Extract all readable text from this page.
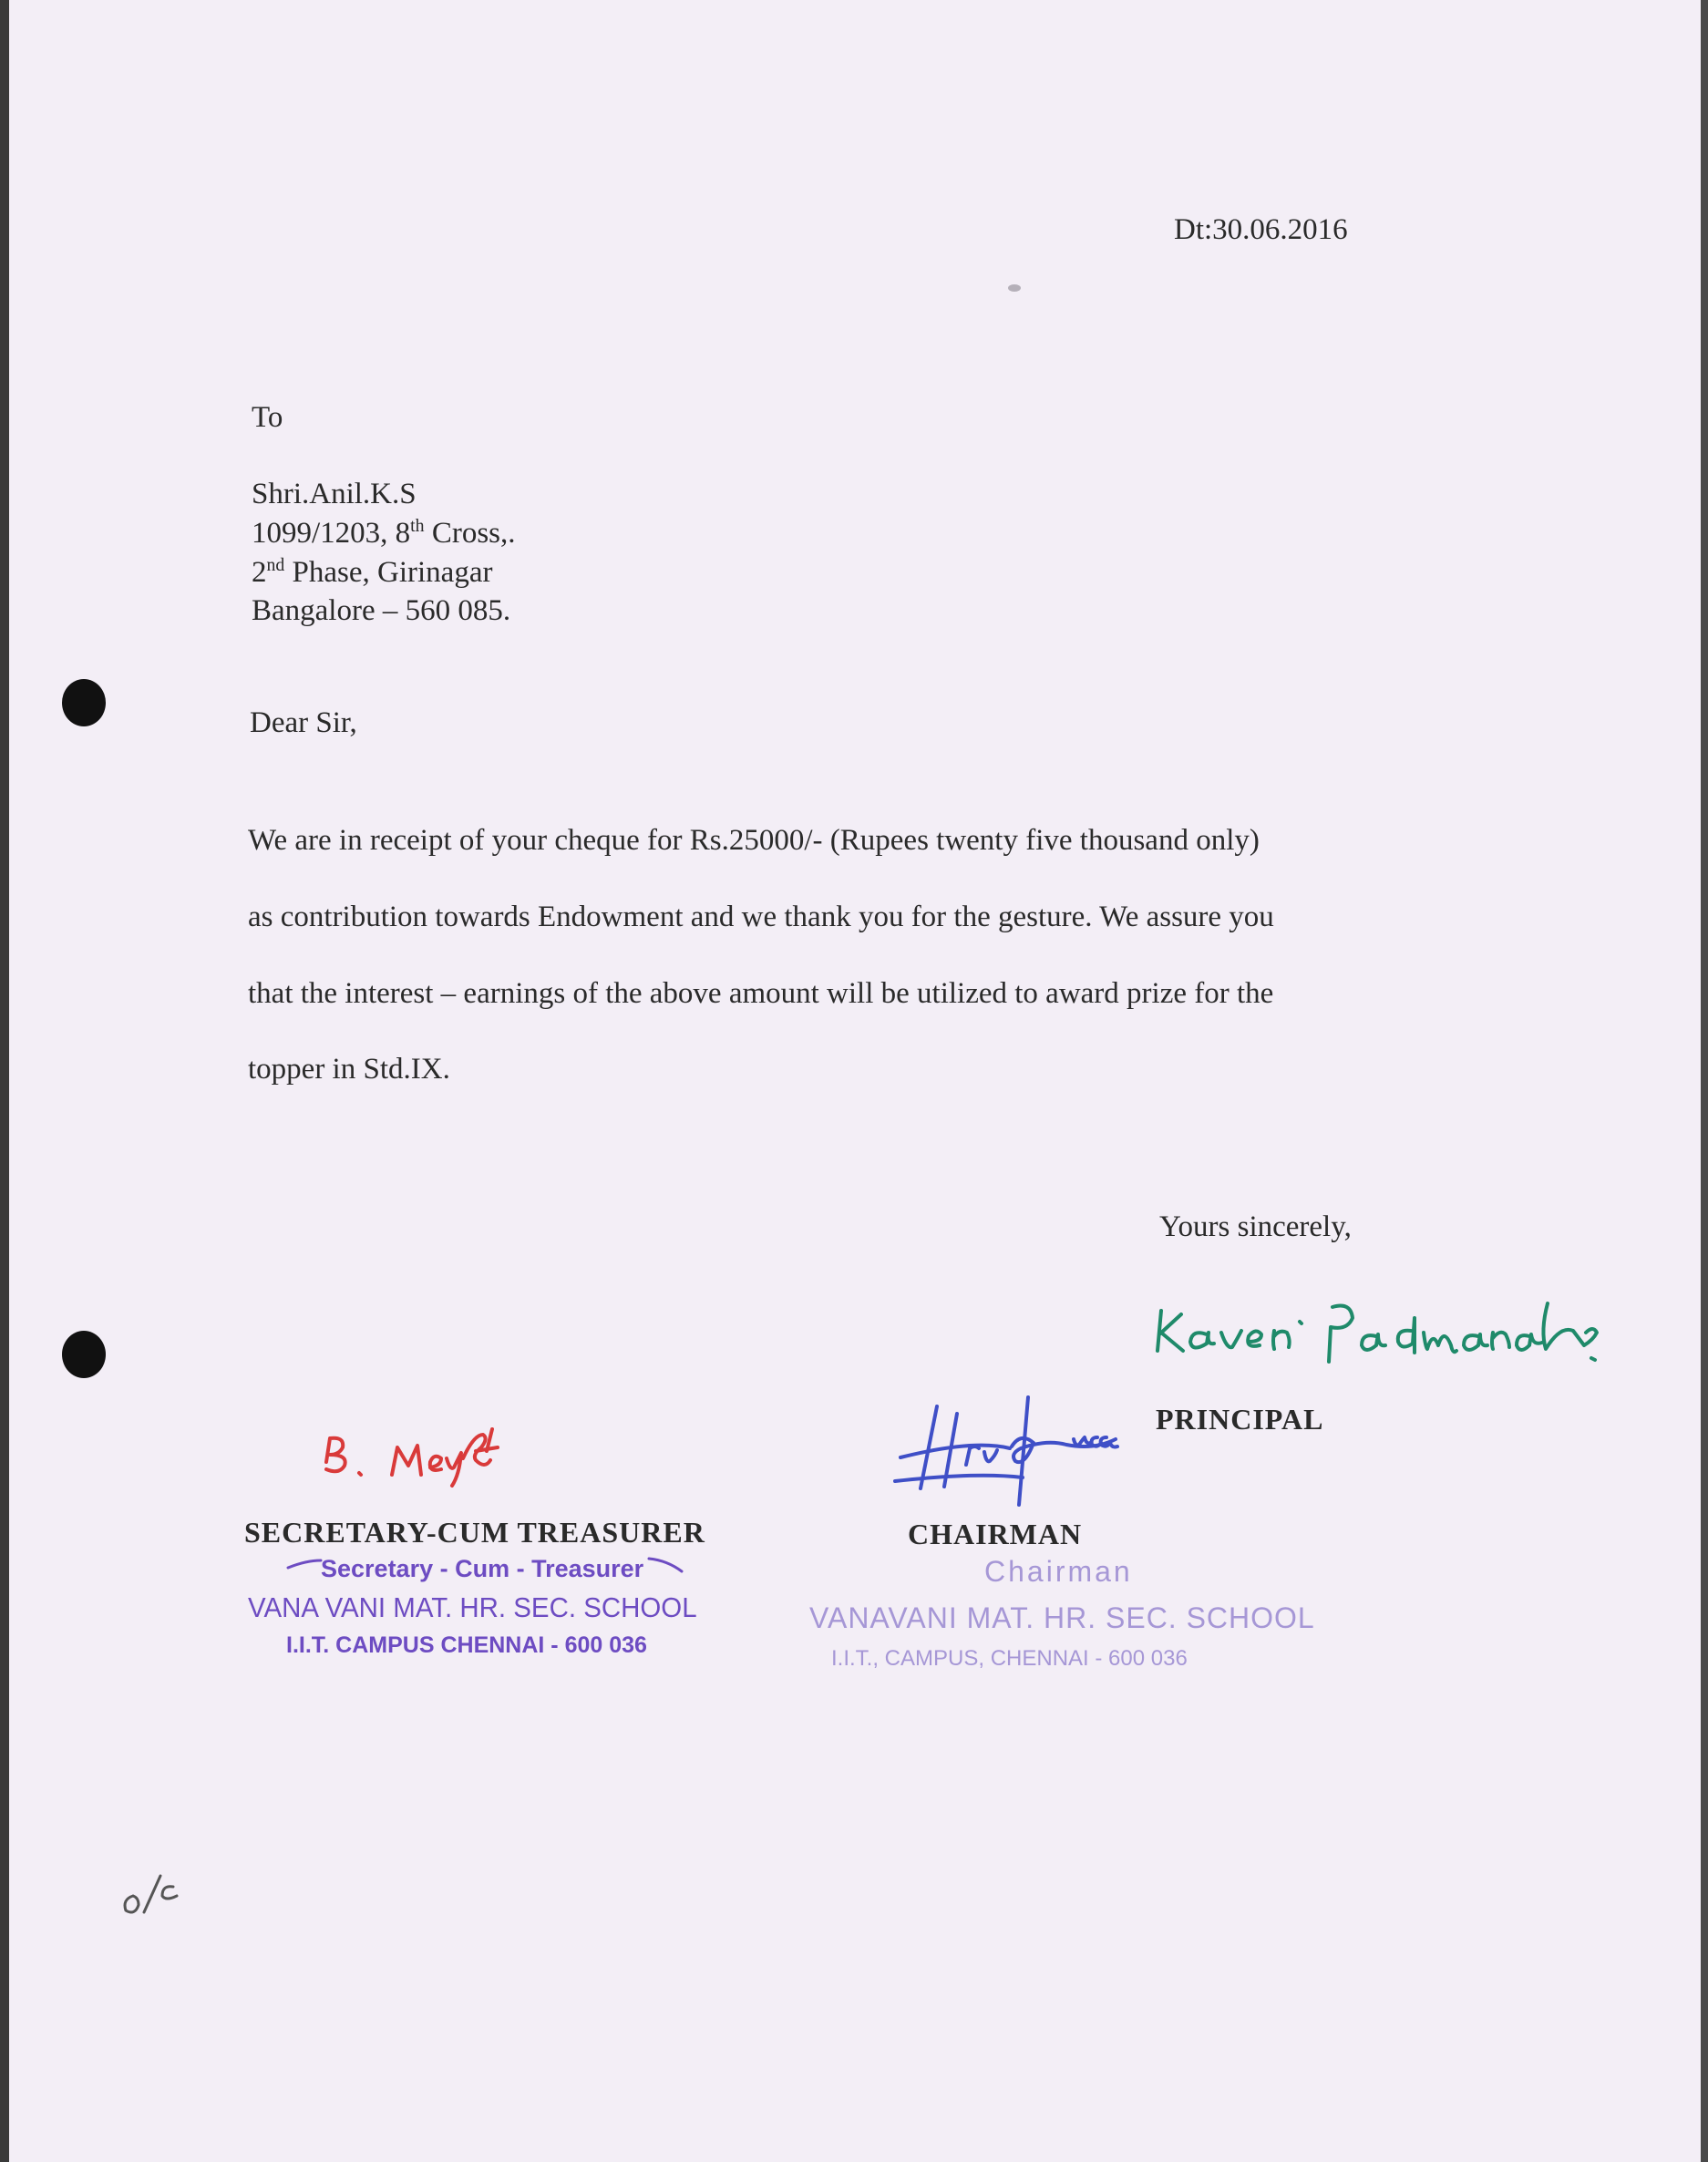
Dt:30.06.2016
To
Shri.Anil.K.S
1099/1203, 8th Cross,.
2nd Phase, Girinagar
Bangalore – 560 085.
Dear Sir,
We are in receipt of your cheque for Rs.25000/- (Rupees twenty five thousand only)
as contribution towards Endowment and we thank you for the gesture. We assure you
that the interest – earnings of the above amount will be utilized to award prize for the
topper in Std.IX.
Yours sincerely,
PRINCIPAL
SECRETARY-CUM TREASURER	CHAIRMAN
Secretary - Cum - Treasurer
VANA VANI MAT. HR. SEC. SCHOOL
I.I.T. CAMPUS CHENNAI - 600 036
Chairman
VANAVANI MAT. HR. SEC. SCHOOL
I.I.T., CAMPUS, CHENNAI - 600 036
